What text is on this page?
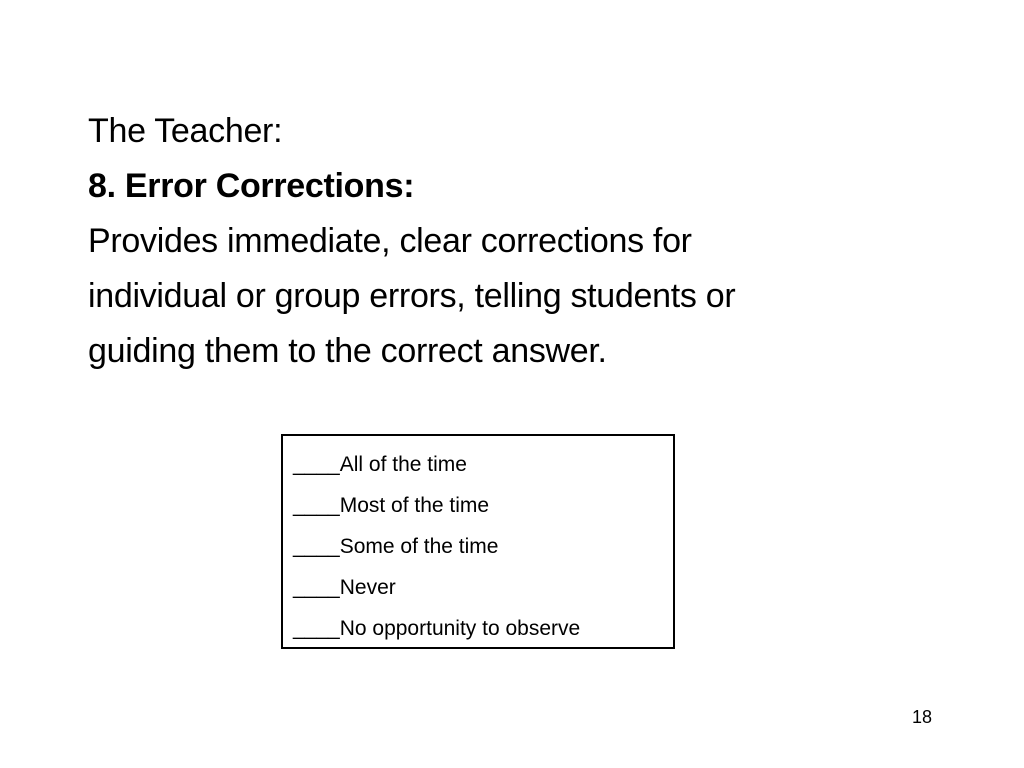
The Teacher:
8. Error Corrections:
Provides immediate, clear corrections for
individual or group errors, telling students or
guiding them to the correct answer.
____All of the time
____Most of the time
____Some of the time
____Never
____No opportunity to observe
18
